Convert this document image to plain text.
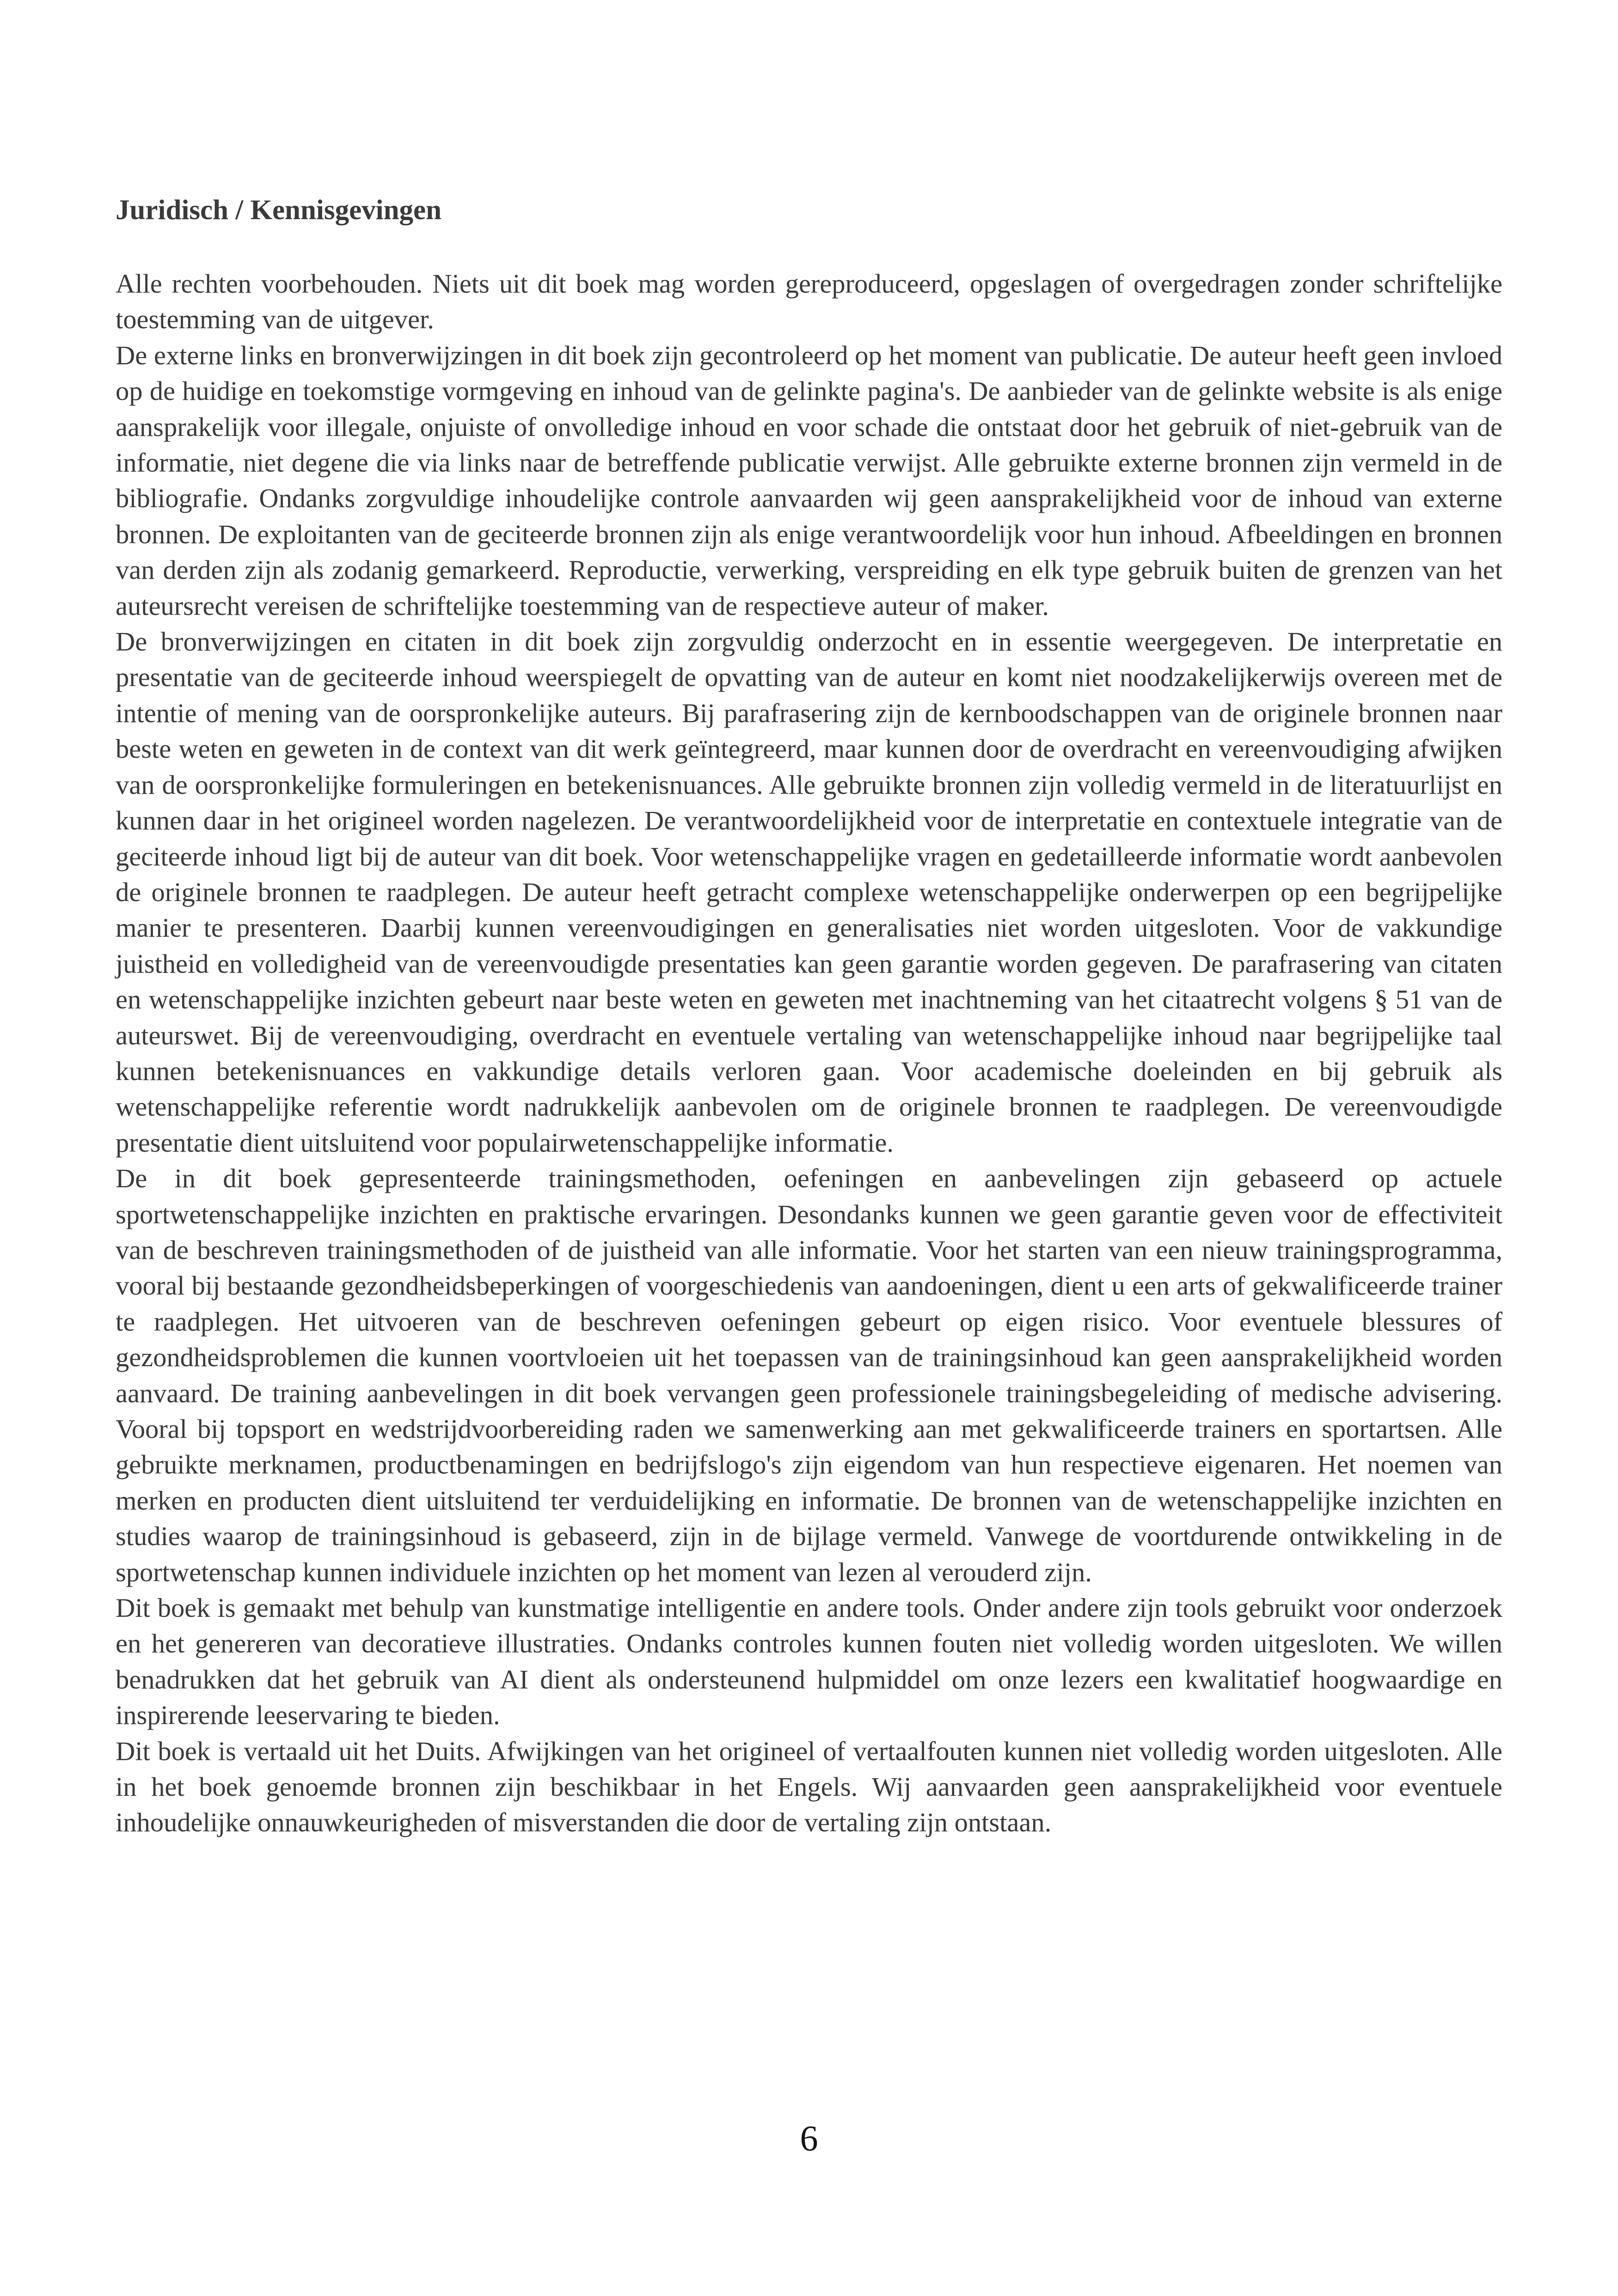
Juridisch / Kennisgevingen

Alle rechten voorbehouden. Niets uit dit boek mag worden gereproduceerd, opgeslagen of overgedragen zonder schriftelijke toestemming van de uitgever.

De externe links en bronverwijzingen in dit boek zijn gecontroleerd op het moment van publicatie. De auteur heeft geen invloed op de huidige en toekomstige vormgeving en inhoud van de gelinkte pagina's. De aanbieder van de gelinkte website is als enige aansprakelijk voor illegale, onjuiste of onvolledige inhoud en voor schade die ontstaat door het gebruik of niet-gebruik van de informatie, niet degene die via links naar de betreffende publicatie verwijst. Alle gebruikte externe bronnen zijn vermeld in de bibliografie. Ondanks zorgvuldige inhoudelijke controle aanvaarden wij geen aansprakelijkheid voor de inhoud van externe bronnen. De exploitanten van de geciteerde bronnen zijn als enige verantwoordelijk voor hun inhoud. Afbeeldingen en bronnen van derden zijn als zodanig gemarkeerd. Reproductie, verwerking, verspreiding en elk type gebruik buiten de grenzen van het auteursrecht vereisen de schriftelijke toestemming van de respectieve auteur of maker.

De bronverwijzingen en citaten in dit boek zijn zorgvuldig onderzocht en in essentie weergegeven. De interpretatie en presentatie van de geciteerde inhoud weerspiegelt de opvatting van de auteur en komt niet noodzakelijkerwijs overeen met de intentie of mening van de oorspronkelijke auteurs. Bij parafrasering zijn de kernboodschappen van de originele bronnen naar beste weten en geweten in de context van dit werk geïntegreerd, maar kunnen door de overdracht en vereenvoudiging afwijken van de oorspronkelijke formuleringen en betekenisnuances. Alle gebruikte bronnen zijn volledig vermeld in de literatuurlijst en kunnen daar in het origineel worden nagelezen. De verantwoordelijkheid voor de interpretatie en contextuele integratie van de geciteerde inhoud ligt bij de auteur van dit boek. Voor wetenschappelijke vragen en gedetailleerde informatie wordt aanbevolen de originele bronnen te raadplegen. De auteur heeft getracht complexe wetenschappelijke onderwerpen op een begrijpelijke manier te presenteren. Daarbij kunnen vereenvoudigingen en generalisaties niet worden uitgesloten. Voor de vakkundige juistheid en volledigheid van de vereenvoudigde presentaties kan geen garantie worden gegeven. De parafrasering van citaten en wetenschappelijke inzichten gebeurt naar beste weten en geweten met inachtneming van het citaatrecht volgens § 51 van de auteurswet. Bij de vereenvoudiging, overdracht en eventuele vertaling van wetenschappelijke inhoud naar begrijpelijke taal kunnen betekenisnuances en vakkundige details verloren gaan. Voor academische doeleinden en bij gebruik als wetenschappelijke referentie wordt nadrukkelijk aanbevolen om de originele bronnen te raadplegen. De vereenvoudigde presentatie dient uitsluitend voor populairwetenschappelijke informatie.

De in dit boek gepresenteerde trainingsmethoden, oefeningen en aanbevelingen zijn gebaseerd op actuele sportwetenschappelijke inzichten en praktische ervaringen. Desondanks kunnen we geen garantie geven voor de effectiviteit van de beschreven trainingsmethoden of de juistheid van alle informatie. Voor het starten van een nieuw trainingsprogramma, vooral bij bestaande gezondheidsbeperkingen of voorgeschiedenis van aandoeningen, dient u een arts of gekwalificeerde trainer te raadplegen. Het uitvoeren van de beschreven oefeningen gebeurt op eigen risico. Voor eventuele blessures of gezondheidsproblemen die kunnen voortvloeien uit het toepassen van de trainingsinhoud kan geen aansprakelijkheid worden aanvaard. De training aanbevelingen in dit boek vervangen geen professionele trainingsbegeleiding of medische advisering. Vooral bij topsport en wedstrijdvoorbereiding raden we samenwerking aan met gekwalificeerde trainers en sportartsen. Alle gebruikte merknamen, productbenamingen en bedrijfslogo's zijn eigendom van hun respectieve eigenaren. Het noemen van merken en producten dient uitsluitend ter verduidelijking en informatie. De bronnen van de wetenschappelijke inzichten en studies waarop de trainingsinhoud is gebaseerd, zijn in de bijlage vermeld. Vanwege de voortdurende ontwikkeling in de sportwetenschap kunnen individuele inzichten op het moment van lezen al verouderd zijn.

Dit boek is gemaakt met behulp van kunstmatige intelligentie en andere tools. Onder andere zijn tools gebruikt voor onderzoek en het genereren van decoratieve illustraties. Ondanks controles kunnen fouten niet volledig worden uitgesloten. We willen benadrukken dat het gebruik van AI dient als ondersteunend hulpmiddel om onze lezers een kwalitatief hoogwaardige en inspirerende leeservaring te bieden.

Dit boek is vertaald uit het Duits. Afwijkingen van het origineel of vertaalfouten kunnen niet volledig worden uitgesloten. Alle in het boek genoemde bronnen zijn beschikbaar in het Engels. Wij aanvaarden geen aansprakelijkheid voor eventuele inhoudelijke onnauwkeurigheden of misverstanden die door de vertaling zijn ontstaan.

6
